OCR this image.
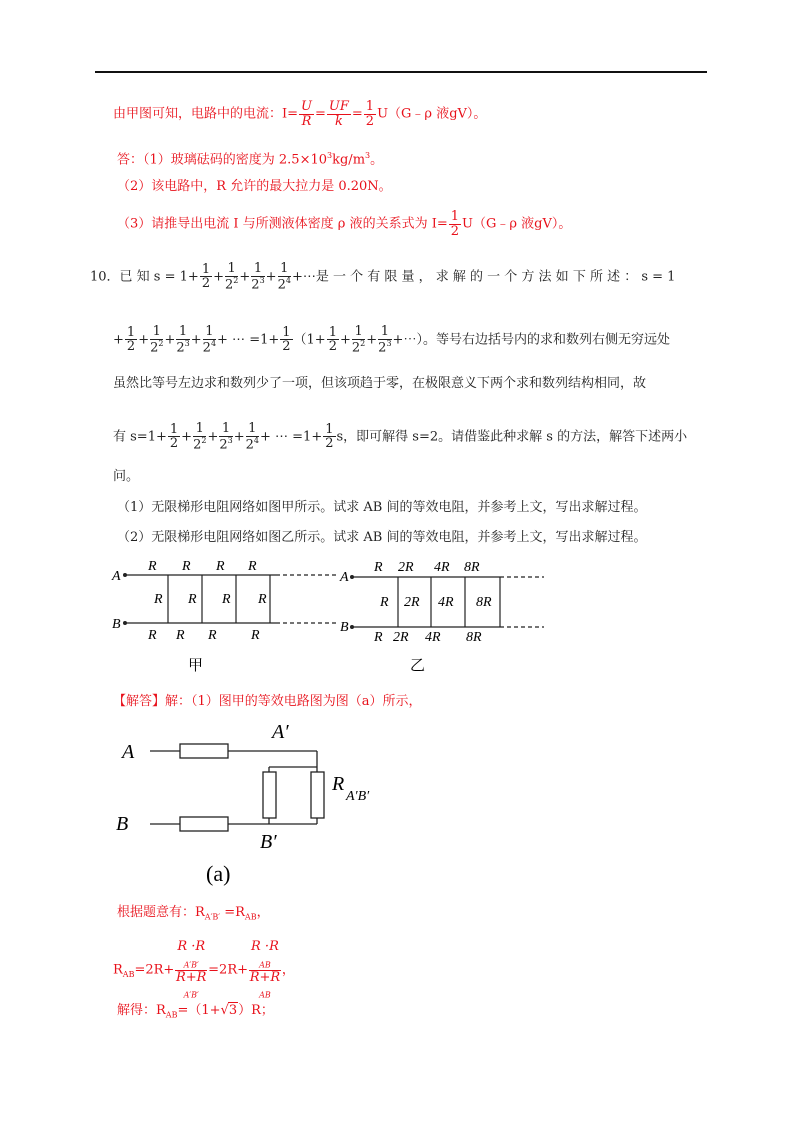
由甲图可知，电路中的电流：$I= \frac{U}{R} = \frac{UF}{k} = \frac{1}{2}$ U（G﹣ρ 液gV）。
答：（1）玻璃砝码的密度为 $2.5\times 10^3kg/m^3$。
（2）该电路中，R 允许的最大拉力是 0.20N。
（3）请推导出电流 I 与所测液体密度 ρ 液的关系式为 $I= \frac{1}{2}$ U（G﹣ρ 液gV）。
10．已 知 $s = 1+ \frac{1}{2} + \frac{1}{2^2} + \frac{1}{2^3} + \frac{1}{2^4}$ +⋯是 一 个 有 限 量 ， 求 解 的 一 个 方 法 如 下 所 述 ： s = 1
+ $\frac{1}{2} + \frac{1}{2^2} + \frac{1}{2^3} + \frac{1}{2^4}$ + ⋯ $=1+ \frac{1}{2} (1+ \frac{1}{2} + \frac{1}{2^2} + \frac{1}{2^3}$ +⋯）。等号右边括号内的求和数列右侧无穷远处
虽然比等号左边求和数列少了一项，但该项趋于零，在极限意义下两个求和数列结构相同，故
有 $s=1+ \frac{1}{2} + \frac{1}{2^2} + \frac{1}{2^3} + \frac{1}{2^4}$ + ⋯ $=1+ \frac{1}{2}$ s，即可解得 s=2。请借鉴此种求解 s 的方法，解答下述两小
问。
（1）无限梯形电阻网络如图甲所示。试求 AB 间的等效电阻，并参考上文，写出求解过程。
（2）无限梯形电阻网络如图乙所示。试求 AB 间的等效电阻，并参考上文，写出求解过程。
A
B
R R R R
R R R R
R R R R
甲
A
B
R 2R 4R 8R
R 2R 4R 8R
R 2R 4R 8R
乙
【解答】解：（1）图甲的等效电路图为图（a）所示，
A
A′
B
B′
R
A′B′
(a)
根据题意有：$R_{A'B'} =R_{AB}$，
$R_{AB}=2R+ R \cdot R$
$_{A'B'}$
R+R
$_{A'B'}$ =2R+ R ·R
$_{AB}$
R+R
$_{AB}$ ，
解得：$R_{AB}=(1+√3)R$；
